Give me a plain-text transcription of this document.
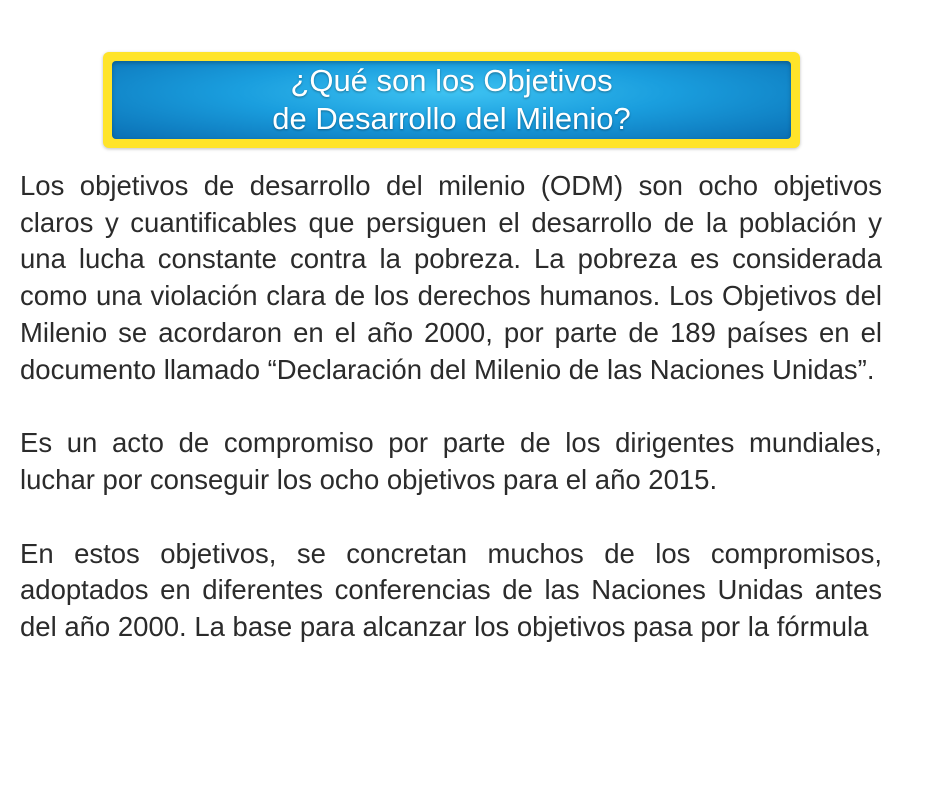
¿Qué son los Objetivos
de Desarrollo del Milenio?

Los objetivos de desarrollo del milenio (ODM) son ocho objetivos claros y cuantificables que persiguen el desarrollo de la población y una lucha constante contra la pobreza. La pobreza es considerada como una violación clara de los derechos humanos. Los Objetivos del Milenio se acordaron en el año 2000, por parte de 189 países en el documento llamado “Declaración del Milenio de las Naciones Unidas”.

Es un acto de compromiso por parte de los dirigentes mundiales, luchar por conseguir los ocho objetivos para el año 2015.

En estos objetivos, se concretan muchos de los compromisos, adoptados en diferentes conferencias de las Naciones Unidas antes del año 2000. La base para alcanzar los objetivos pasa por la fórmula
